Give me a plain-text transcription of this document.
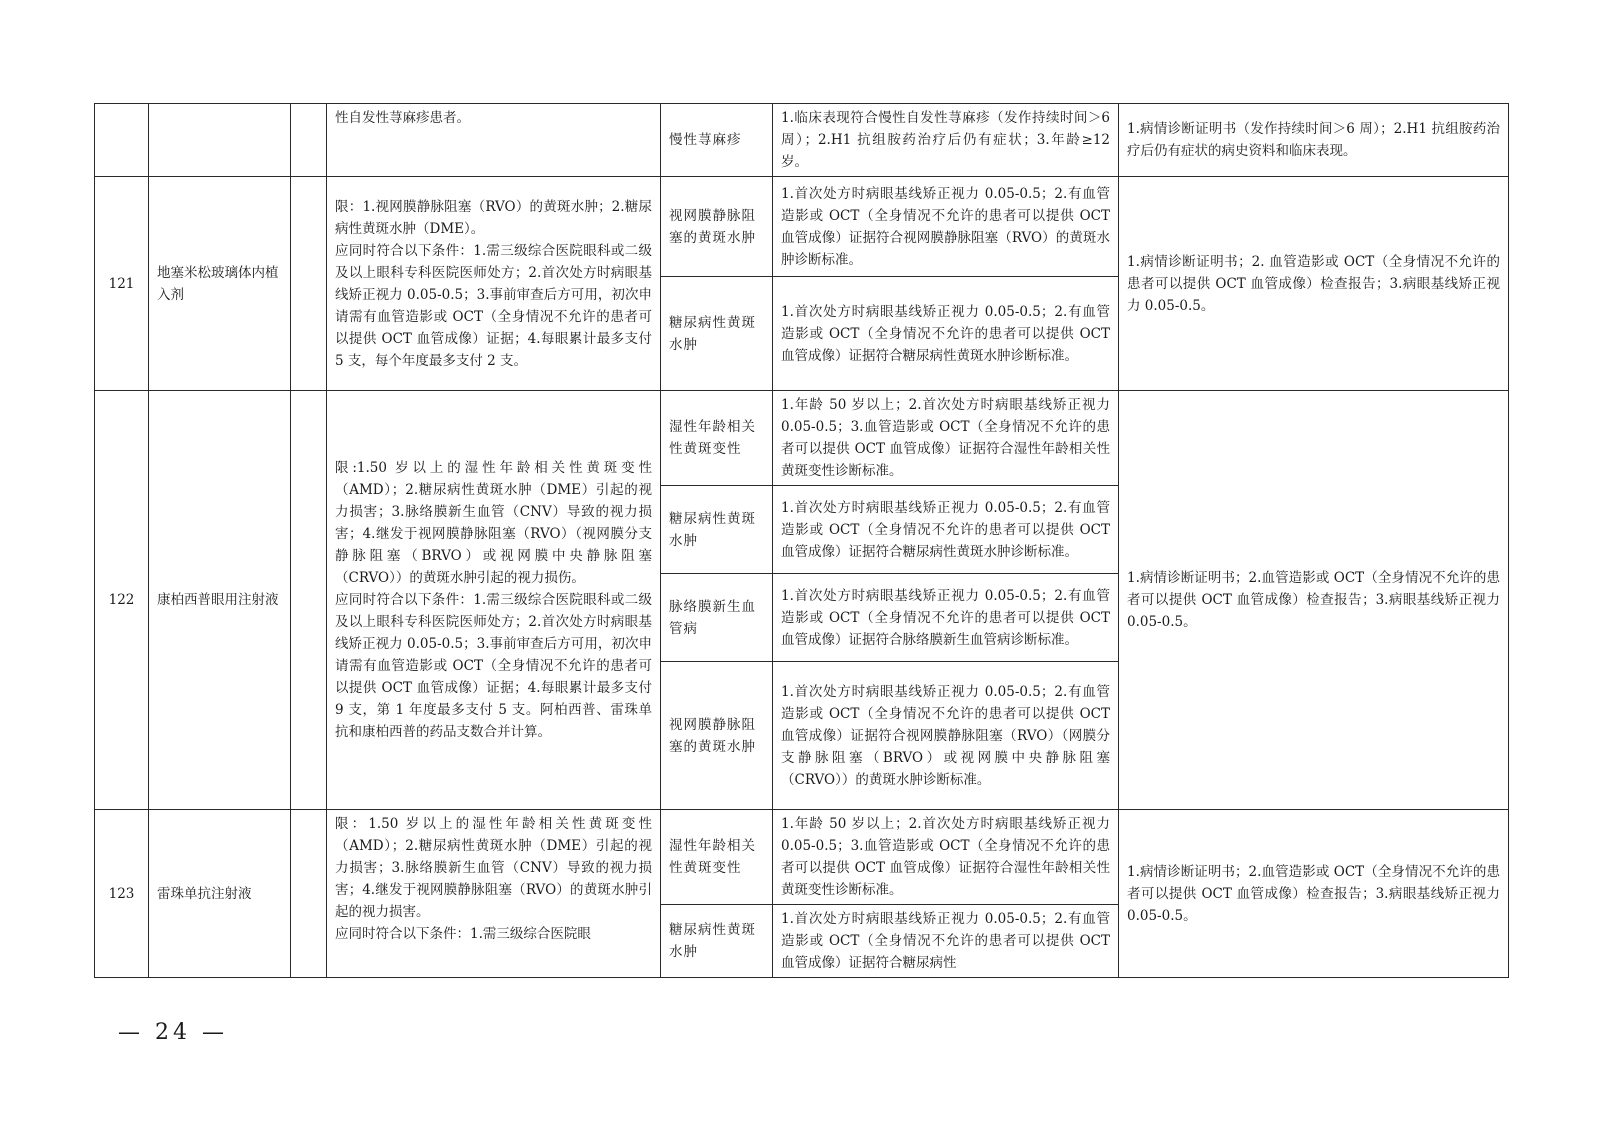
			性自发性荨麻疹患者。	慢性荨麻疹	1.临床表现符合慢性自发性荨麻疹（发作持续时间＞6 周）；2.H1 抗组胺药治疗后仍有症状；3.年龄≥12 岁。	1.病情诊断证明书（发作持续时间＞6 周）；2.H1 抗组胺药治疗后仍有症状的病史资料和临床表现。
121	地塞米松玻璃体内植入剂		限：1.视网膜静脉阻塞（RVO）的黄斑水肿；2.糖尿病性黄斑水肿（DME）。
应同时符合以下条件：1.需三级综合医院眼科或二级及以上眼科专科医院医师处方；2.首次处方时病眼基线矫正视力 0.05-0.5；3.事前审查后方可用，初次申请需有血管造影或 OCT（全身情况不允许的患者可以提供 OCT 血管成像）证据；4.每眼累计最多支付 5 支，每个年度最多支付 2 支。	视网膜静脉阻塞的黄斑水肿	1.首次处方时病眼基线矫正视力 0.05-0.5；2.有血管造影或 OCT（全身情况不允许的患者可以提供 OCT 血管成像）证据符合视网膜静脉阻塞（RVO）的黄斑水肿诊断标准。	1.病情诊断证明书；2. 血管造影或 OCT（全身情况不允许的患者可以提供 OCT 血管成像）检查报告；3.病眼基线矫正视力 0.05-0.5。
				糖尿病性黄斑水肿	1.首次处方时病眼基线矫正视力 0.05-0.5；2.有血管造影或 OCT（全身情况不允许的患者可以提供 OCT 血管成像）证据符合糖尿病性黄斑水肿诊断标准。	
122	康柏西普眼用注射液		限:1.50 岁以上的湿性年龄相关性黄斑变性（AMD）；2.糖尿病性黄斑水肿（DME）引起的视力损害；3.脉络膜新生血管（CNV）导致的视力损害；4.继发于视网膜静脉阻塞（RVO）（视网膜分支静脉阻塞（BRVO）或视网膜中央静脉阻塞（CRVO））的黄斑水肿引起的视力损伤。
应同时符合以下条件：1.需三级综合医院眼科或二级及以上眼科专科医院医师处方；2.首次处方时病眼基线矫正视力 0.05-0.5；3.事前审查后方可用，初次申请需有血管造影或 OCT（全身情况不允许的患者可以提供 OCT 血管成像）证据；4.每眼累计最多支付 9 支，第 1 年度最多支付 5 支。阿柏西普、雷珠单抗和康柏西普的药品支数合并计算。	湿性年龄相关性黄斑变性	1.年龄 50 岁以上；2.首次处方时病眼基线矫正视力 0.05-0.5；3.血管造影或 OCT（全身情况不允许的患者可以提供 OCT 血管成像）证据符合湿性年龄相关性黄斑变性诊断标准。	1.病情诊断证明书；2.血管造影或 OCT（全身情况不允许的患者可以提供 OCT 血管成像）检查报告；3.病眼基线矫正视力 0.05-0.5。
				糖尿病性黄斑水肿	1.首次处方时病眼基线矫正视力 0.05-0.5；2.有血管造影或 OCT（全身情况不允许的患者可以提供 OCT 血管成像）证据符合糖尿病性黄斑水肿诊断标准。	
				脉络膜新生血管病	1.首次处方时病眼基线矫正视力 0.05-0.5；2.有血管造影或 OCT（全身情况不允许的患者可以提供 OCT 血管成像）证据符合脉络膜新生血管病诊断标准。	
				视网膜静脉阻塞的黄斑水肿	1.首次处方时病眼基线矫正视力 0.05-0.5；2.有血管造影或 OCT（全身情况不允许的患者可以提供 OCT 血管成像）证据符合视网膜静脉阻塞（RVO）（网膜分支静脉阻塞（BRVO）或视网膜中央静脉阻塞（CRVO））的黄斑水肿诊断标准。	
123	雷珠单抗注射液		限：1.50 岁以上的湿性年龄相关性黄斑变性（AMD）；2.糖尿病性黄斑水肿（DME）引起的视力损害；3.脉络膜新生血管（CNV）导致的视力损害；4.继发于视网膜静脉阻塞（RVO）的黄斑水肿引起的视力损害。
应同时符合以下条件：1.需三级综合医院眼	湿性年龄相关性黄斑变性	1.年龄 50 岁以上；2.首次处方时病眼基线矫正视力 0.05-0.5；3.血管造影或 OCT（全身情况不允许的患者可以提供 OCT 血管成像）证据符合湿性年龄相关性黄斑变性诊断标准。	1.病情诊断证明书；2.血管造影或 OCT（全身情况不允许的患者可以提供 OCT 血管成像）检查报告；3.病眼基线矫正视力 0.05-0.5。
				糖尿病性黄斑水肿	1.首次处方时病眼基线矫正视力 0.05-0.5；2.有血管造影或 OCT（全身情况不允许的患者可以提供 OCT 血管成像）证据符合糖尿病性	
— 24 —
